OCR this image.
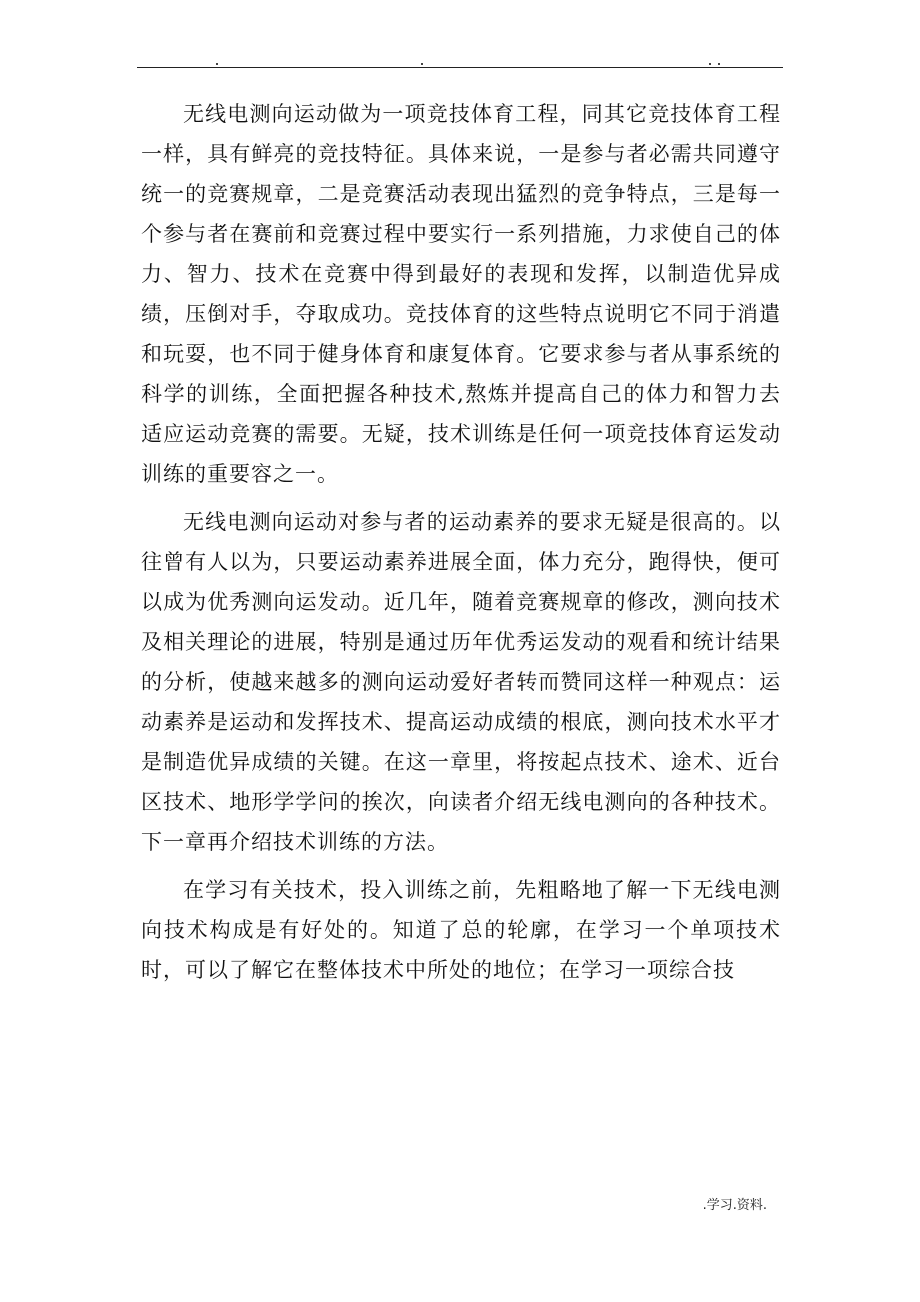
无线电测向运动做为一项竞技体育工程，同其它竞技体育工程一样，具有鲜亮的竞技特征。具体来说，一是参与者必需共同遵守统一的竞赛规章，二是竞赛活动表现出猛烈的竞争特点，三是每一个参与者在赛前和竞赛过程中要实行一系列措施，力求使自己的体力、智力、技术在竞赛中得到最好的表现和发挥，以制造优异成绩，压倒对手，夺取成功。竞技体育的这些特点说明它不同于消遣和玩耍，也不同于健身体育和康复体育。它要求参与者从事系统的科学的训练，全面把握各种技术,熬炼并提高自己的体力和智力去适应运动竞赛的需要。无疑，技术训练是任何一项竞技体育运发动训练的重要容之一。

无线电测向运动对参与者的运动素养的要求无疑是很高的。以往曾有人以为，只要运动素养进展全面，体力充分，跑得快，便可以成为优秀测向运发动。近几年，随着竞赛规章的修改，测向技术及相关理论的进展，特别是通过历年优秀运发动的观看和统计结果的分析，使越来越多的测向运动爱好者转而赞同这样一种观点：运动素养是运动和发挥技术、提高运动成绩的根底，测向技术水平才是制造优异成绩的关键。在这一章里，将按起点技术、途术、近台区技术、地形学学问的挨次，向读者介绍无线电测向的各种技术。下一章再介绍技术训练的方法。

在学习有关技术，投入训练之前，先粗略地了解一下无线电测向技术构成是有好处的。知道了总的轮廓，在学习一个单项技术时，可以了解它在整体技术中所处的地位；在学习一项综合技

.学习.资料.
